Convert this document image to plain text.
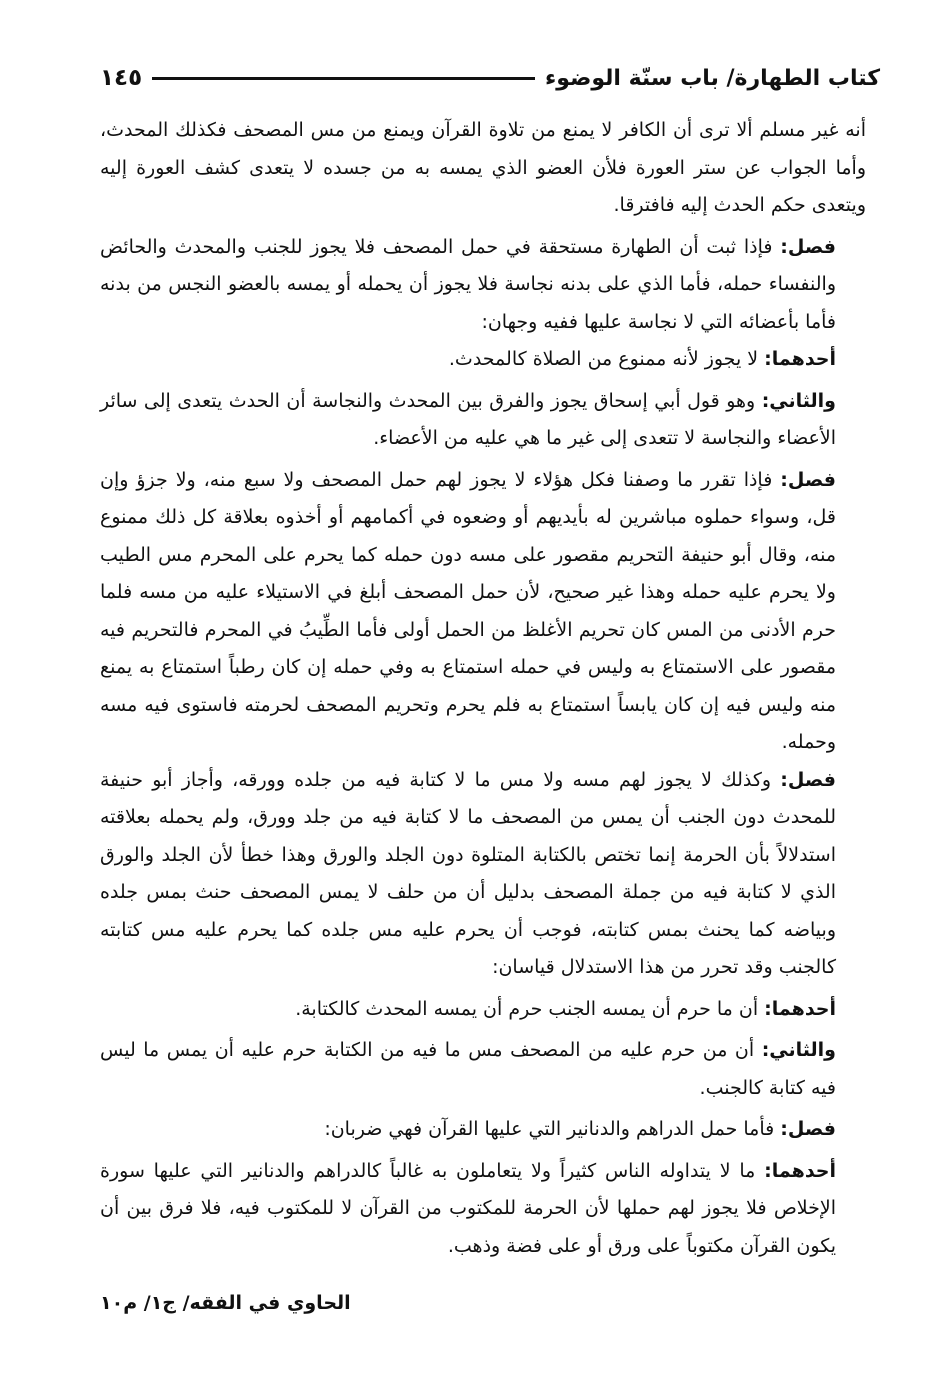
كتاب الطهارة/ باب سنّة الوضوء
١٤٥

أنه غير مسلم ألا ترى أن الكافر لا يمنع من تلاوة القرآن ويمنع من مس المصحف فكذلك المحدث، وأما الجواب عن ستر العورة فلأن العضو الذي يمسه به من جسده لا يتعدى كشف العورة إليه ويتعدى حكم الحدث إليه فافترقا.

فصل: فإذا ثبت أن الطهارة مستحقة في حمل المصحف فلا يجوز للجنب والمحدث والحائض والنفساء حمله، فأما الذي على بدنه نجاسة فلا يجوز أن يحمله أو يمسه بالعضو النجس من بدنه فأما بأعضائه التي لا نجاسة عليها ففيه وجهان:

أحدهما: لا يجوز لأنه ممنوع من الصلاة كالمحدث.

والثاني: وهو قول أبي إسحاق يجوز والفرق بين المحدث والنجاسة أن الحدث يتعدى إلى سائر الأعضاء والنجاسة لا تتعدى إلى غير ما هي عليه من الأعضاء.

فصل: فإذا تقرر ما وصفنا فكل هؤلاء لا يجوز لهم حمل المصحف ولا سبع منه، ولا جزؤ وإن قل، وسواء حملوه مباشرين له بأيديهم أو وضعوه في أكمامهم أو أخذوه بعلاقة كل ذلك ممنوع منه، وقال أبو حنيفة التحريم مقصور على مسه دون حمله كما يحرم على المحرم مس الطيب ولا يحرم عليه حمله وهذا غير صحيح، لأن حمل المصحف أبلغ في الاستيلاء عليه من مسه فلما حرم الأدنى من المس كان تحريم الأغلظ من الحمل أولى فأما الطِّيبُ في المحرم فالتحريم فيه مقصور على الاستمتاع به وليس في حمله استمتاع به وفي حمله إن كان رطباً استمتاع به يمنع منه وليس فيه إن كان يابساً استمتاع به فلم يحرم وتحريم المصحف لحرمته فاستوى فيه مسه وحمله.

فصل: وكذلك لا يجوز لهم مسه ولا مس ما لا كتابة فيه من جلده وورقه، وأجاز أبو حنيفة للمحدث دون الجنب أن يمس من المصحف ما لا كتابة فيه من جلد وورق، ولم يحمله بعلاقته استدلالاً بأن الحرمة إنما تختص بالكتابة المتلوة دون الجلد والورق وهذا خطأ لأن الجلد والورق الذي لا كتابة فيه من جملة المصحف بدليل أن من حلف لا يمس المصحف حنث بمس جلده وبياضه كما يحنث بمس كتابته، فوجب أن يحرم عليه مس جلده كما يحرم عليه مس كتابته كالجنب وقد تحرر من هذا الاستدلال قياسان:

أحدهما: أن ما حرم أن يمسه الجنب حرم أن يمسه المحدث كالكتابة.

والثاني: أن من حرم عليه من المصحف مس ما فيه من الكتابة حرم عليه أن يمس ما ليس فيه كتابة كالجنب.

فصل: فأما حمل الدراهم والدنانير التي عليها القرآن فهي ضربان:

أحدهما: ما لا يتداوله الناس كثيراً ولا يتعاملون به غالباً كالدراهم والدنانير التي عليها سورة الإخلاص فلا يجوز لهم حملها لأن الحرمة للمكتوب من القرآن لا للمكتوب فيه، فلا فرق بين أن يكون القرآن مكتوباً على ورق أو على فضة وذهب.

الحاوي في الفقه/ ج١/ م١٠
